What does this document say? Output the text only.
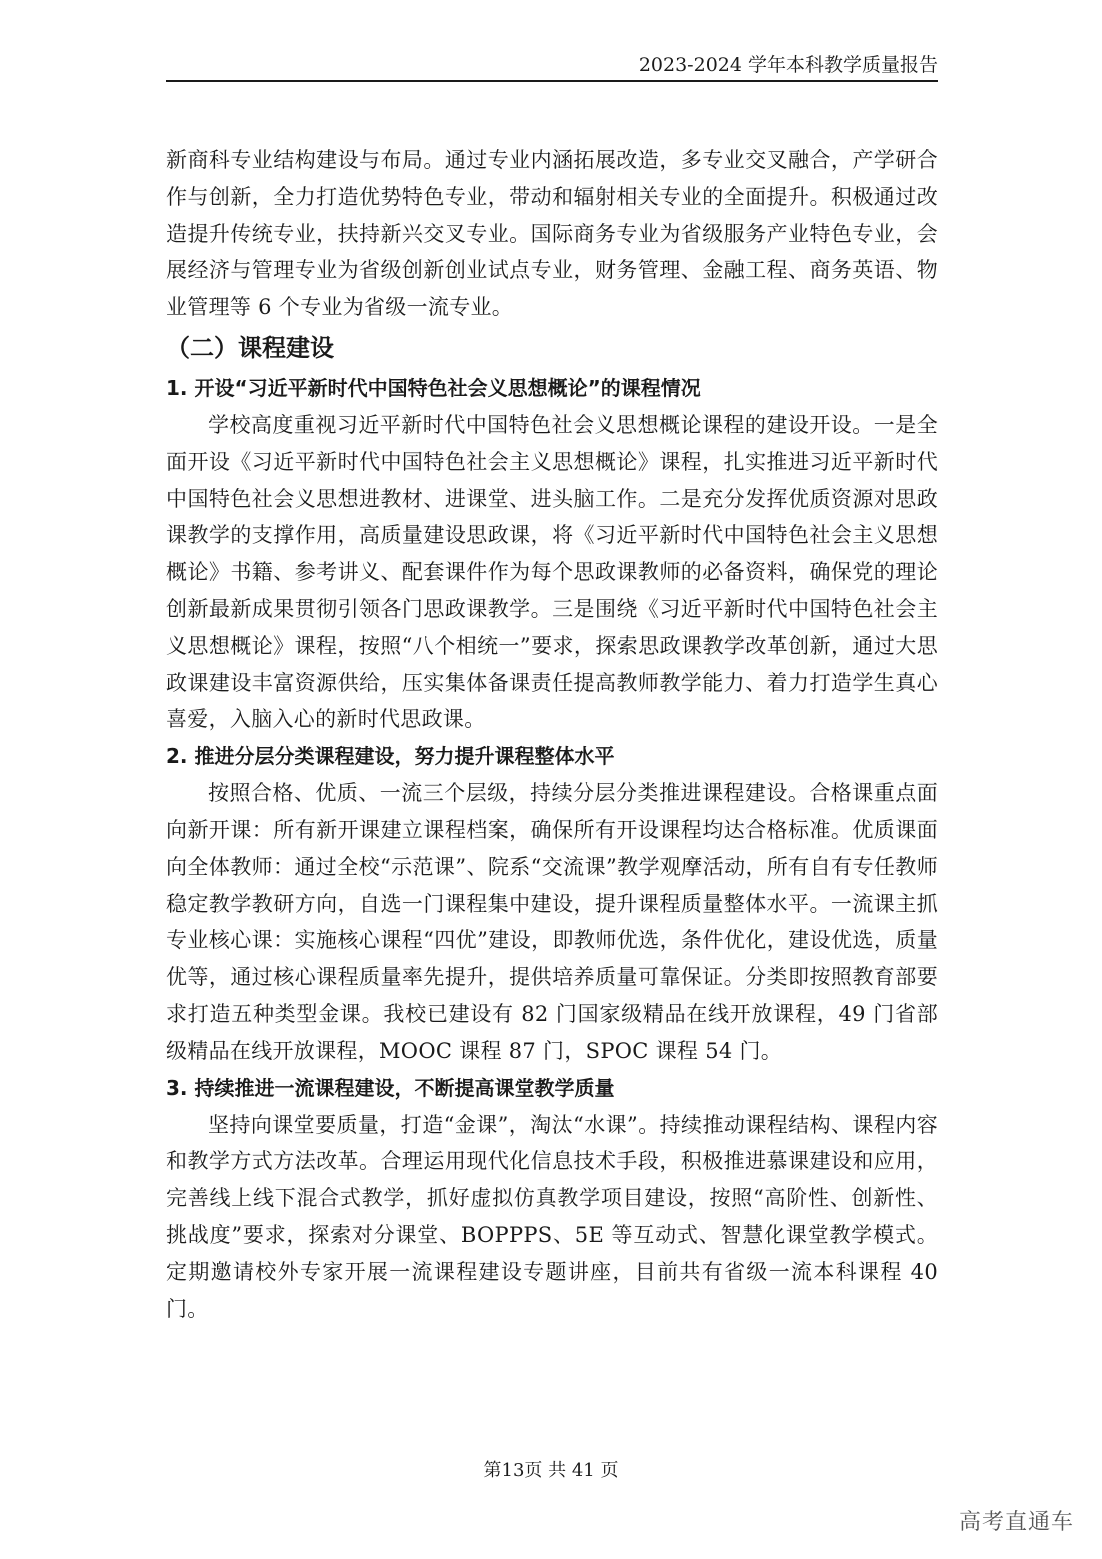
2023-2024 学年本科教学质量报告

新商科专业结构建设与布局。通过专业内涵拓展改造，多专业交叉融合，产学研合作与创新，全力打造优势特色专业，带动和辐射相关专业的全面提升。积极通过改造提升传统专业，扶持新兴交叉专业。国际商务专业为省级服务产业特色专业，会展经济与管理专业为省级创新创业试点专业，财务管理、金融工程、商务英语、物业管理等 6 个专业为省级一流专业。

（二）课程建设
1. 开设“习近平新时代中国特色社会义思想概论”的课程情况

学校高度重视习近平新时代中国特色社会义思想概论课程的建设开设。一是全面开设《习近平新时代中国特色社会主义思想概论》课程，扎实推进习近平新时代中国特色社会义思想进教材、进课堂、进头脑工作。二是充分发挥优质资源对思政课教学的支撑作用，高质量建设思政课，将《习近平新时代中国特色社会主义思想概论》书籍、参考讲义、配套课件作为每个思政课教师的必备资料，确保党的理论创新最新成果贯彻引领各门思政课教学。三是围绕《习近平新时代中国特色社会主义思想概论》课程，按照“八个相统一”要求，探索思政课教学改革创新，通过大思政课建设丰富资源供给，压实集体备课责任提高教师教学能力、着力打造学生真心喜爱，入脑入心的新时代思政课。

2. 推进分层分类课程建设，努力提升课程整体水平

按照合格、优质、一流三个层级，持续分层分类推进课程建设。合格课重点面向新开课：所有新开课建立课程档案，确保所有开设课程均达合格标准。优质课面向全体教师：通过全校“示范课”、院系“交流课”教学观摩活动，所有自有专任教师稳定教学教研方向，自选一门课程集中建设，提升课程质量整体水平。一流课主抓专业核心课：实施核心课程“四优”建设，即教师优选，条件优化，建设优选，质量优等，通过核心课程质量率先提升，提供培养质量可靠保证。分类即按照教育部要求打造五种类型金课。我校已建设有 82 门国家级精品在线开放课程，49 门省部级精品在线开放课程，MOOC 课程 87 门，SPOC 课程 54 门。

3. 持续推进一流课程建设，不断提高课堂教学质量

坚持向课堂要质量，打造“金课”，淘汰“水课”。持续推动课程结构、课程内容和教学方式方法改革。合理运用现代化信息技术手段，积极推进慕课建设和应用，完善线上线下混合式教学，抓好虚拟仿真教学项目建设，按照“高阶性、创新性、挑战度”要求，探索对分课堂、BOPPPS、5E 等互动式、智慧化课堂教学模式。定期邀请校外专家开展一流课程建设专题讲座，目前共有省级一流本科课程 40 门。

第13页 共 41 页
高考直通车
